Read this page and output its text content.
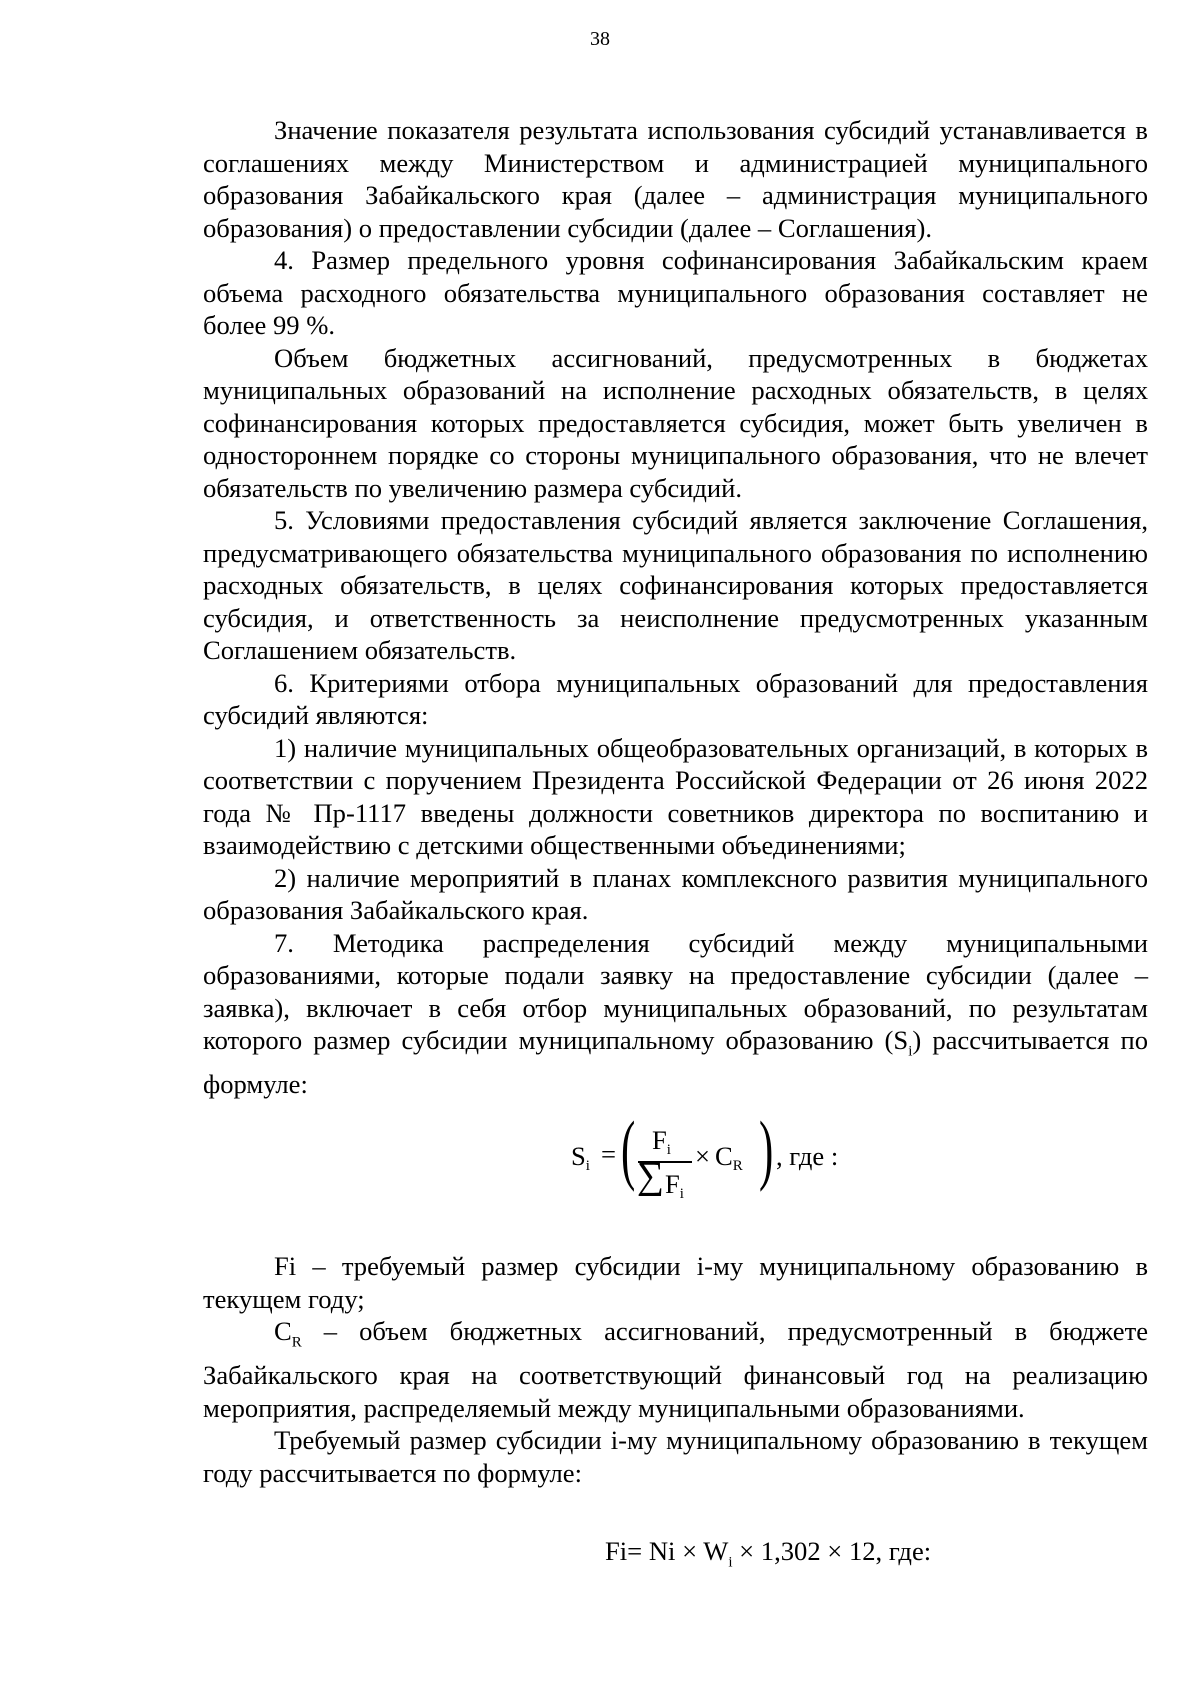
38

Значение показателя результата использования субсидий устанавливается в соглашениях между Министерством и администрацией муниципального образования Забайкальского края (далее – администрация муниципального образования) о предоставлении субсидии (далее – Соглашения).

4. Размер предельного уровня софинансирования Забайкальским краем объема расходного обязательства муниципального образования составляет не более 99 %.

Объем бюджетных ассигнований, предусмотренных в бюджетах муниципальных образований на исполнение расходных обязательств, в целях софинансирования которых предоставляется субсидия, может быть увеличен в одностороннем порядке со стороны муниципального образования, что не влечет обязательств по увеличению размера субсидий.

5. Условиями предоставления субсидий является заключение Соглашения, предусматривающего обязательства муниципального образования по исполнению расходных обязательств, в целях софинансирования которых предоставляется субсидия, и ответственность за неисполнение предусмотренных указанным Соглашением обязательств.

6. Критериями отбора муниципальных образований для предоставления субсидий являются:

1) наличие муниципальных общеобразовательных организаций, в которых в соответствии с поручением Президента Российской Федерации от 26 июня 2022 года № Пр-1117 введены должности советников директора по воспитанию и взаимодействию с детскими общественными объединениями;

2) наличие мероприятий в планах комплексного развития муниципального образования Забайкальского края.

7. Методика распределения субсидий между муниципальными образованиями, которые подали заявку на предоставление субсидии (далее – заявка), включает в себя отбор муниципальных образований, по результатам которого размер субсидии муниципальному образованию $(S_i)$ рассчитывается по формуле:

$S_i$ = ( $F_i$
∑ $F_i$
× $C_R$ ) , где :

Fi – требуемый размер субсидии i-му муниципальному образованию в текущем году;

$C_R$ – объем бюджетных ассигнований, предусмотренный в бюджете Забайкальского края на соответствующий финансовый год на реализацию мероприятия, распределяемый между муниципальными образованиями.

Требуемый размер субсидии i-му муниципальному образованию в текущем году рассчитывается по формуле:

$Fi= Ni \times W_i \times 1,302 \times 12$, где:
